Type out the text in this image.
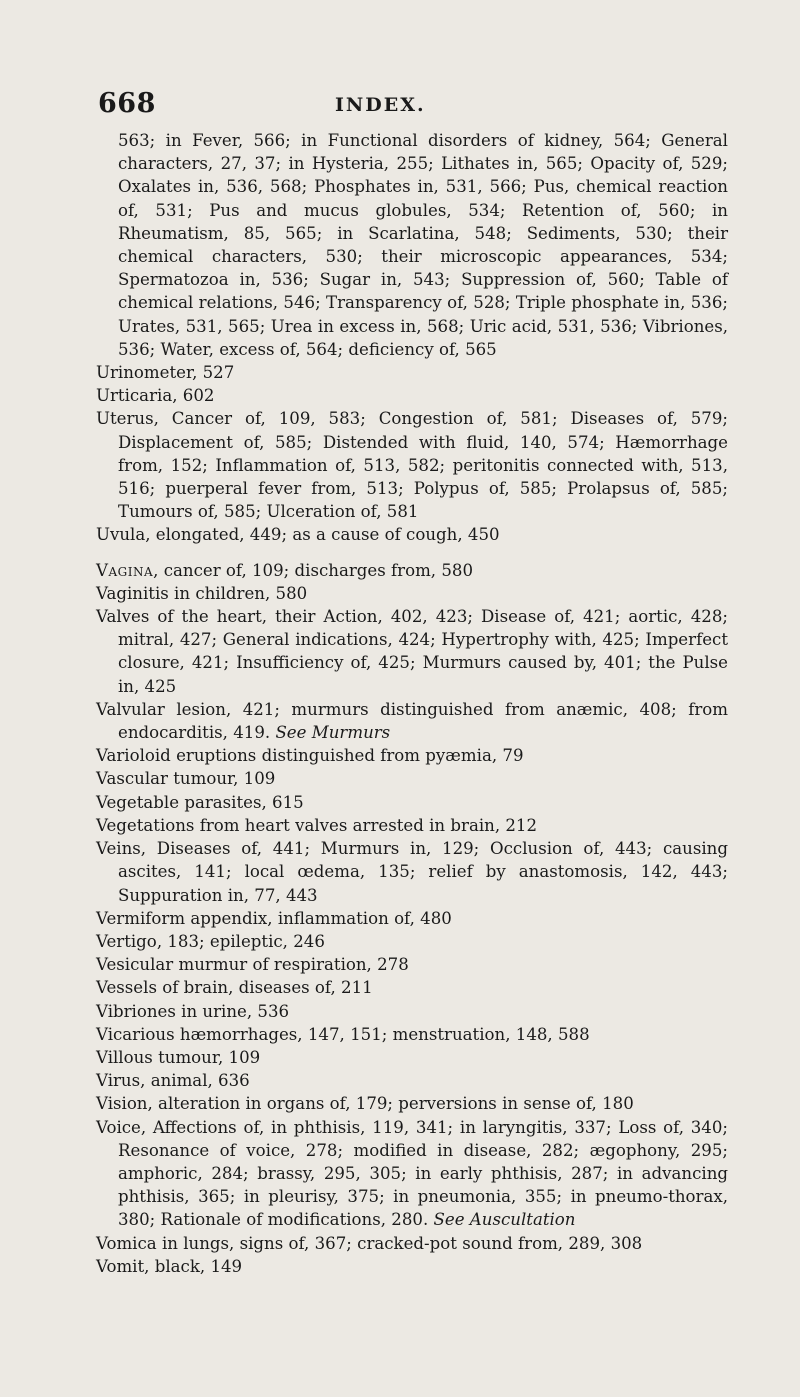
668	INDEX.

563; in Fever, 566; in Functional disorders of kidney, 564; General characters, 27, 37; in Hysteria, 255; Lithates in, 565; Opacity of, 529; Oxalates in, 536, 568; Phosphates in, 531, 566; Pus, chemical reaction of, 531; Pus and mucus globules, 534; Retention of, 560; in Rheumatism, 85, 565; in Scarlatina, 548; Sediments, 530; their chemical characters, 530; their microscopic appearances, 534; Spermatozoa in, 536; Sugar in, 543; Suppression of, 560; Table of chemical relations, 546; Transparency of, 528; Triple phosphate in, 536; Urates, 531, 565; Urea in excess in, 568; Uric acid, 531, 536; Vibriones, 536; Water, excess of, 564; deficiency of, 565

Urinometer, 527

Urticaria, 602

Uterus, Cancer of, 109, 583; Congestion of, 581; Diseases of, 579; Displacement of, 585; Distended with fluid, 140, 574; Hæmorrhage from, 152; Inflammation of, 513, 582; peritonitis connected with, 513, 516; puerperal fever from, 513; Polypus of, 585; Prolapsus of, 585; Tumours of, 585; Ulceration of, 581

Uvula, elongated, 449; as a cause of cough, 450

Vagina, cancer of, 109; discharges from, 580

Vaginitis in children, 580

Valves of the heart, their Action, 402, 423; Disease of, 421; aortic, 428; mitral, 427; General indications, 424; Hypertrophy with, 425; Imperfect closure, 421; Insufficiency of, 425; Murmurs caused by, 401; the Pulse in, 425

Valvular lesion, 421; murmurs distinguished from anæmic, 408; from endocarditis, 419. See Murmurs

Varioloid eruptions distinguished from pyæmia, 79

Vascular tumour, 109

Vegetable parasites, 615

Vegetations from heart valves arrested in brain, 212

Veins, Diseases of, 441; Murmurs in, 129; Occlusion of, 443; causing ascites, 141; local œdema, 135; relief by anastomosis, 142, 443; Suppuration in, 77, 443

Vermiform appendix, inflammation of, 480

Vertigo, 183; epileptic, 246

Vesicular murmur of respiration, 278

Vessels of brain, diseases of, 211

Vibriones in urine, 536

Vicarious hæmorrhages, 147, 151; menstruation, 148, 588

Villous tumour, 109

Virus, animal, 636

Vision, alteration in organs of, 179; perversions in sense of, 180

Voice, Affections of, in phthisis, 119, 341; in laryngitis, 337; Loss of, 340; Resonance of voice, 278; modified in disease, 282; ægophony, 295; amphoric, 284; brassy, 295, 305; in early phthisis, 287; in advancing phthisis, 365; in pleurisy, 375; in pneumonia, 355; in pneumo-thorax, 380; Rationale of modifications, 280. See Auscultation

Vomica in lungs, signs of, 367; cracked-pot sound from, 289, 308

Vomit, black, 149
